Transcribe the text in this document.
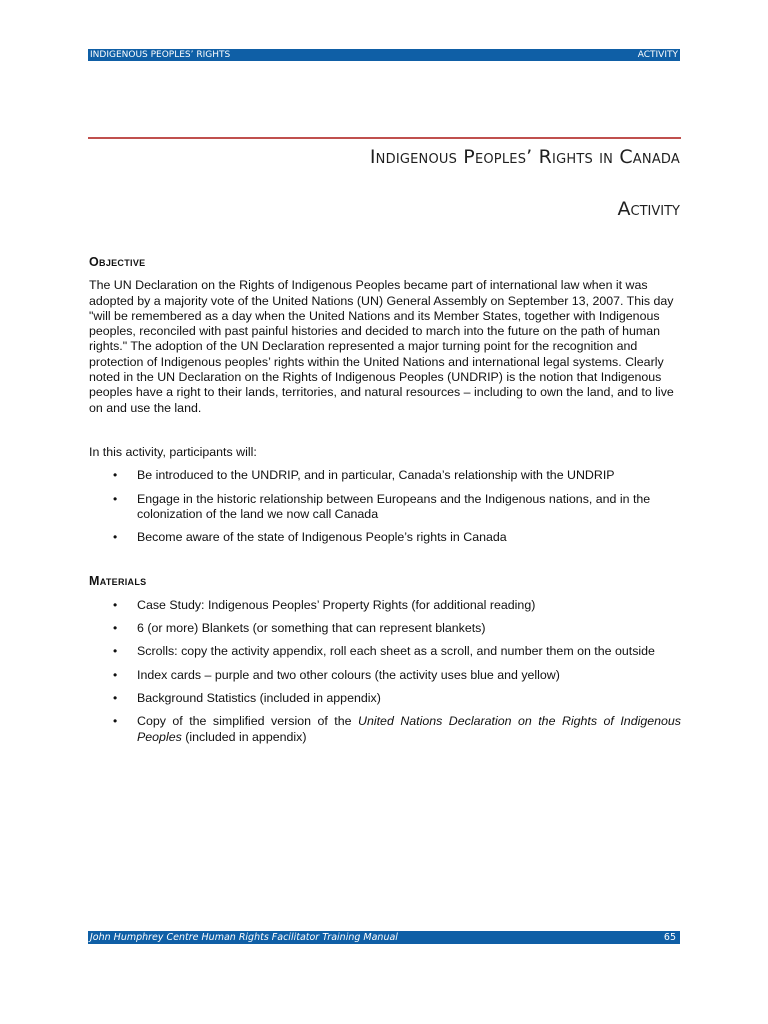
INDIGENOUS PEOPLES’ RIGHTS	ACTIVITY
Indigenous Peoples’ Rights in Canada
Activity
Objective

The UN Declaration on the Rights of Indigenous Peoples became part of international law when it was adopted by a majority vote of the United Nations (UN) General Assembly on September 13, 2007. This day "will be remembered as a day when the United Nations and its Member States, together with Indigenous peoples, reconciled with past painful histories and decided to march into the future on the path of human rights." The adoption of the UN Declaration represented a major turning point for the recognition and protection of Indigenous peoples’ rights within the United Nations and international legal systems. Clearly noted in the UN Declaration on the Rights of Indigenous Peoples (UNDRIP) is the notion that Indigenous peoples have a right to their lands, territories, and natural resources – including to own the land, and to live on and use the land.

In this activity, participants will:

• Be introduced to the UNDRIP, and in particular, Canada’s relationship with the UNDRIP
• Engage in the historic relationship between Europeans and the Indigenous nations, and in the colonization of the land we now call Canada
• Become aware of the state of Indigenous People’s rights in Canada
Materials
• Case Study: Indigenous Peoples’ Property Rights (for additional reading)
• 6 (or more) Blankets (or something that can represent blankets)
• Scrolls: copy the activity appendix, roll each sheet as a scroll, and number them on the outside
• Index cards – purple and two other colours (the activity uses blue and yellow)
• Background Statistics (included in appendix)
• Copy of the simplified version of the United Nations Declaration on the Rights of Indigenous Peoples (included in appendix)
John Humphrey Centre Human Rights Facilitator Training Manual	65
